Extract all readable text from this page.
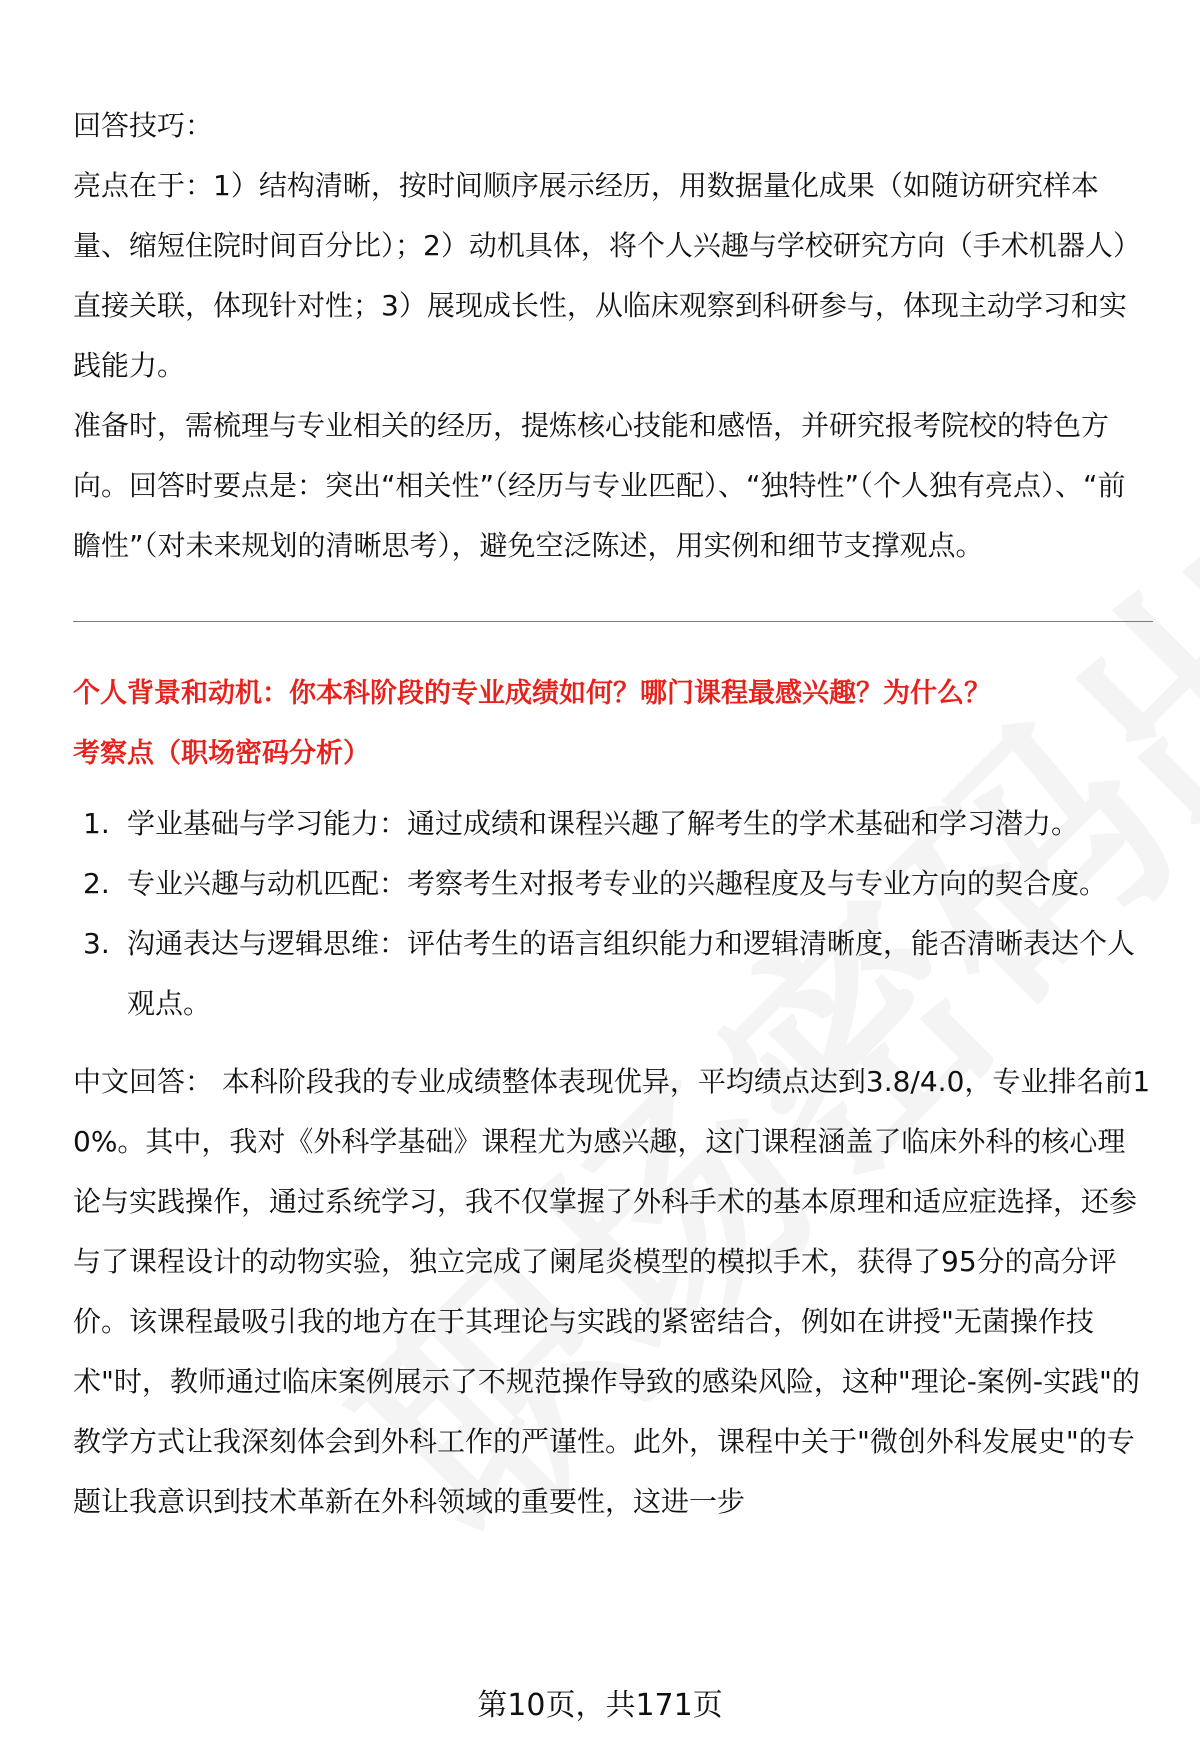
回答技巧：

亮点在于：1）结构清晰，按时间顺序展示经历，用数据量化成果（如随访研究样本量、缩短住院时间百分比）；2）动机具体，将个人兴趣与学校研究方向（手术机器人）直接关联，体现针对性；3）展现成长性，从临床观察到科研参与，体现主动学习和实践能力。

准备时，需梳理与专业相关的经历，提炼核心技能和感悟，并研究报考院校的特色方向。回答时要点是：突出“相关性”（经历与专业匹配）、“独特性”（个人独有亮点）、“前瞻性”（对未来规划的清晰思考），避免空泛陈述，用实例和细节支撑观点。

个人背景和动机：你本科阶段的专业成绩如何？哪门课程最感兴趣？为什么？

考察点（职场密码分析）

1. 学业基础与学习能力：通过成绩和课程兴趣了解考生的学术基础和学习潜力。
2. 专业兴趣与动机匹配：考察考生对报考专业的兴趣程度及与专业方向的契合度。
3. 沟通表达与逻辑思维：评估考生的语言组织能力和逻辑清晰度，能否清晰表达个人观点。

中文回答： 本科阶段我的专业成绩整体表现优异，平均绩点达到3.8/4.0，专业排名前10%。其中，我对《外科学基础》课程尤为感兴趣，这门课程涵盖了临床外科的核心理论与实践操作，通过系统学习，我不仅掌握了外科手术的基本原理和适应症选择，还参与了课程设计的动物实验，独立完成了阑尾炎模型的模拟手术，获得了95分的高分评价。该课程最吸引我的地方在于其理论与实践的紧密结合，例如在讲授"无菌操作技术"时，教师通过临床案例展示了不规范操作导致的感染风险，这种"理论-案例-实践"的教学方式让我深刻体会到外科工作的严谨性。此外，课程中关于"微创外科发展史"的专题让我意识到技术革新在外科领域的重要性，这进一步

第10页，共171页
